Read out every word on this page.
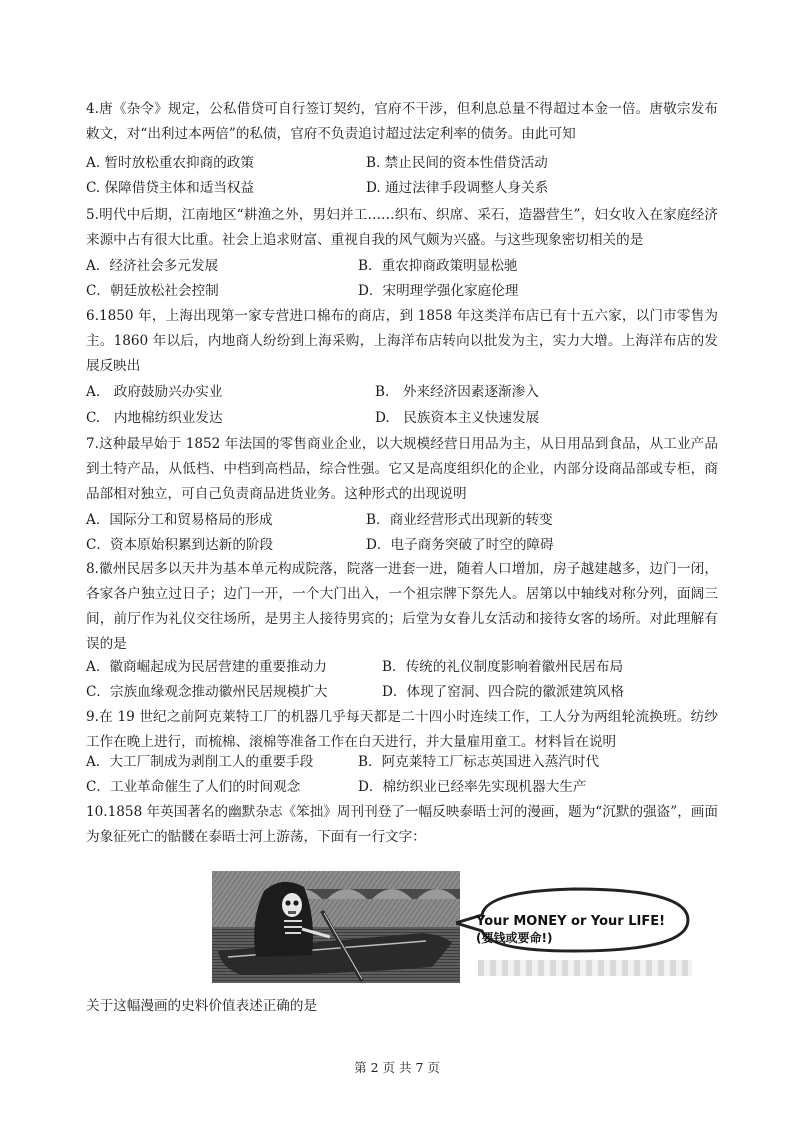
4.唐《杂令》规定，公私借贷可自行签订契约，官府不干涉，但利息总量不得超过本金一倍。唐敬宗发布敕文，对“出利过本两倍”的私债，官府不负责追讨超过法定利率的债务。由此可知

A. 暂时放松重农抑商的政策	B. 禁止民间的资本性借贷活动
C. 保障借贷主体和适当权益	D. 通过法律手段调整人身关系

5.明代中后期，江南地区“耕渔之外，男妇并工……织布、织席、采石，造器营生”，妇女收入在家庭经济来源中占有很大比重。社会上追求财富、重视自我的风气颇为兴盛。与这些现象密切相关的是

A．经济社会多元发展	B．重农抑商政策明显松驰
C．朝廷放松社会控制	D．宋明理学强化家庭伦理

6.1850 年，上海出现第一家专营进口棉布的商店，到 1858 年这类洋布店已有十五六家，以门市零售为主。1860 年以后，内地商人纷纷到上海采购，上海洋布店转向以批发为主，实力大增。上海洋布店的发展反映出

A.　政府鼓励兴办实业	B.　外来经济因素逐渐渗入
C.　内地棉纺织业发达	D.　民族资本主义快速发展

7.这种最早始于 1852 年法国的零售商业企业，以大规模经营日用品为主，从日用品到食品，从工业产品到土特产品，从低档、中档到高档品，综合性强。它又是高度组织化的企业，内部分设商品部或专柜，商品部相对独立，可自己负责商品进货业务。这种形式的出现说明

A．国际分工和贸易格局的形成	B．商业经营形式出现新的转变
C．资本原始积累到达新的阶段	D．电子商务突破了时空的障碍

8.徽州民居多以天井为基本单元构成院落，院落一进套一进，随着人口增加，房子越建越多，边门一闭，各家各户独立过日子；边门一开，一个大门出入，一个祖宗牌下祭先人。居第以中轴线对称分列，面阔三间，前厅作为礼仪交往场所，是男主人接待男宾的；后堂为女眷儿女活动和接待女客的场所。对此理解有误的是

A．徽商崛起成为民居营建的重要推动力	B．传统的礼仪制度影响着徽州民居布局
C．宗族血缘观念推动徽州民居规模扩大	D．体现了窑洞、四合院的徽派建筑风格

9.在 19 世纪之前阿克莱特工厂的机器几乎每天都是二十四小时连续工作，工人分为两组轮流换班。纺纱工作在晚上进行，而梳棉、滚棉等准备工作在白天进行，并大量雇用童工。材料旨在说明

A．大工厂制成为剥削工人的重要手段	B．阿克莱特工厂标志英国进入蒸汽时代
C．工业革命催生了人们的时间观念	D．棉纺织业已经率先实现机器大生产

10.1858 年英国著名的幽默杂志《笨拙》周刊刊登了一幅反映泰晤士河的漫画，题为“沉默的强盗”，画面为象征死亡的骷髅在泰晤士河上游荡，下面有一行文字：

Your MONEY or Your LIFE!
(要钱或要命!)

关于这幅漫画的史料价值表述正确的是

第 2 页 共 7 页
